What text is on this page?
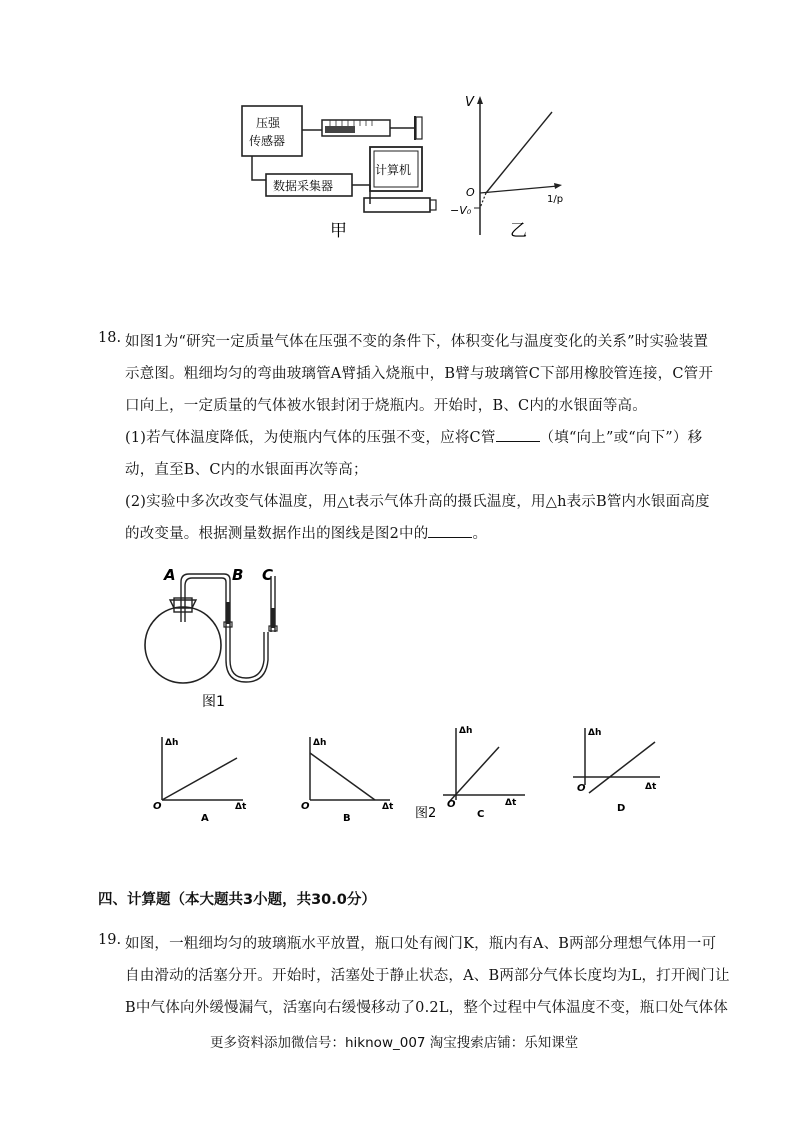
压强
传感器
数据采集器
计算机
甲
V
1/p
O
−V₀
乙
18. 如图1为“研究一定质量气体在压强不变的条件下，体积变化与温度变化的关系”时实验装置
示意图。粗细均匀的弯曲玻璃管A臂插入烧瓶中，B臂与玻璃管C下部用橡胶管连接，C管开
口向上，一定质量的气体被水银封闭于烧瓶内。开始时，B、C内的水银面等高。
(1)若气体温度降低，为使瓶内气体的压强不变，应将C管	（填“向上”或“向下”）移
动，直至B、C内的水银面再次等高；
(2)实验中多次改变气体温度，用△t表示气体升高的摄氏温度，用△h表示B管内水银面高度
的改变量。根据测量数据作出的图线是图2中的	。
A	B C
图1
Δh
Δt
O
A
Δh
Δt
O
B
Δh
Δt
O
C
图2
Δh
Δt
O
D
四、计算题（本大题共3小题，共30.0分）
19. 如图，一粗细均匀的玻璃瓶水平放置，瓶口处有阀门K，瓶内有A、B两部分理想气体用一可
自由滑动的活塞分开。开始时，活塞处于静止状态，A、B两部分气体长度均为L，打开阀门让
B中气体向外缓慢漏气，活塞向右缓慢移动了0.2L，整个过程中气体温度不变，瓶口处气体体
更多资料添加微信号：hiknow_007 淘宝搜索店铺：乐知课堂
